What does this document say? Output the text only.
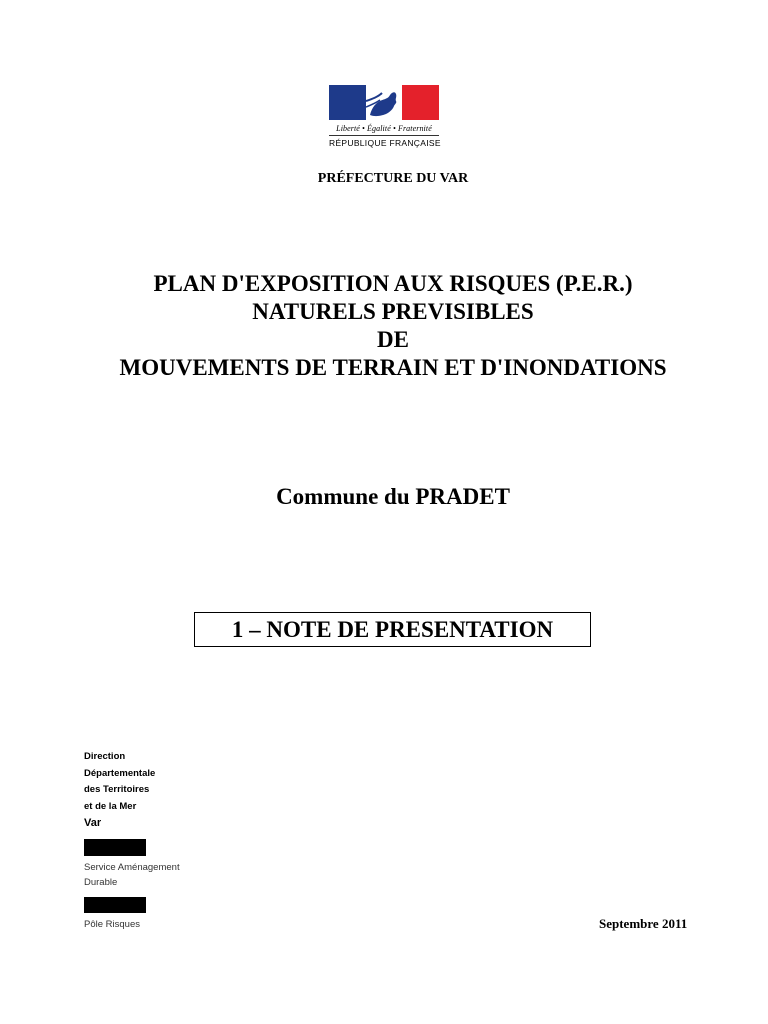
Liberté • Égalité • Fraternité
RÉPUBLIQUE FRANÇAISE
PRÉFECTURE DU VAR
PLAN D'EXPOSITION AUX RISQUES (P.E.R.)
NATURELS PREVISIBLES
DE
MOUVEMENTS DE TERRAIN ET D'INONDATIONS
Commune du PRADET
1 – NOTE DE PRESENTATION
Direction
Départementale
des Territoires
et de la Mer
Var
Service Aménagement
Durable
Pôle Risques	Septembre 2011
